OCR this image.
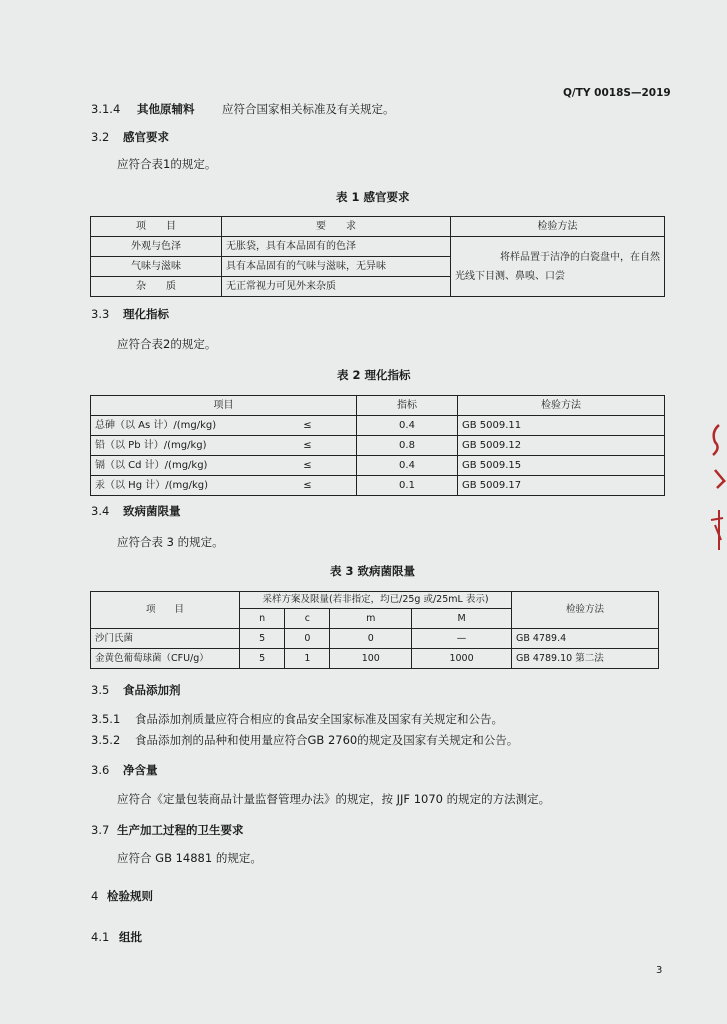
Q/TY 0018S—2019
3.1.4 其他原辅料 应符合国家相关标准及有关规定。
3.2 感官要求
应符合表1的规定。
表 1 感官要求
项　　目	要　　求	检验方法
外观与色泽	无胀袋，具有本品固有的色泽	将样品置于洁净的白瓷盘中，在自然
光线下目测、鼻嗅、口尝

气味与滋味	具有本品固有的气味与滋味，无异味	
杂　　质	无正常视力可见外来杂质	
3.3 理化指标
应符合表2的规定。
表 2 理化指标
项目		指标	检验方法
总砷（以 As 计）/(mg/kg)	≤	0.4	GB 5009.11
铅（以 Pb 计）/(mg/kg)	≤	0.8	GB 5009.12
镉（以 Cd 计）/(mg/kg)	≤	0.4	GB 5009.15
汞（以 Hg 计）/(mg/kg)	≤	0.1	GB 5009.17
3.4 致病菌限量
应符合表 3 的规定。
表 3 致病菌限量
项　　目	采样方案及限量(若非指定，均已/25g 或/25mL 表示)				检验方法
	n	c	m	M	
沙门氏菌	5	0	0	—	GB 4789.4
金黄色葡萄球菌（CFU/g）	5	1	100	1000	GB 4789.10 第二法
3.5 食品添加剂
3.5.1 食品添加剂质量应符合相应的食品安全国家标准及国家有关规定和公告。
3.5.2 食品添加剂的品种和使用量应符合GB 2760的规定及国家有关规定和公告。
3.6 净含量
应符合《定量包装商品计量监督管理办法》的规定，按 JJF 1070 的规定的方法测定。
3.7 生产加工过程的卫生要求
应符合 GB 14881 的规定。
4 检验规则
4.1 组批
3
